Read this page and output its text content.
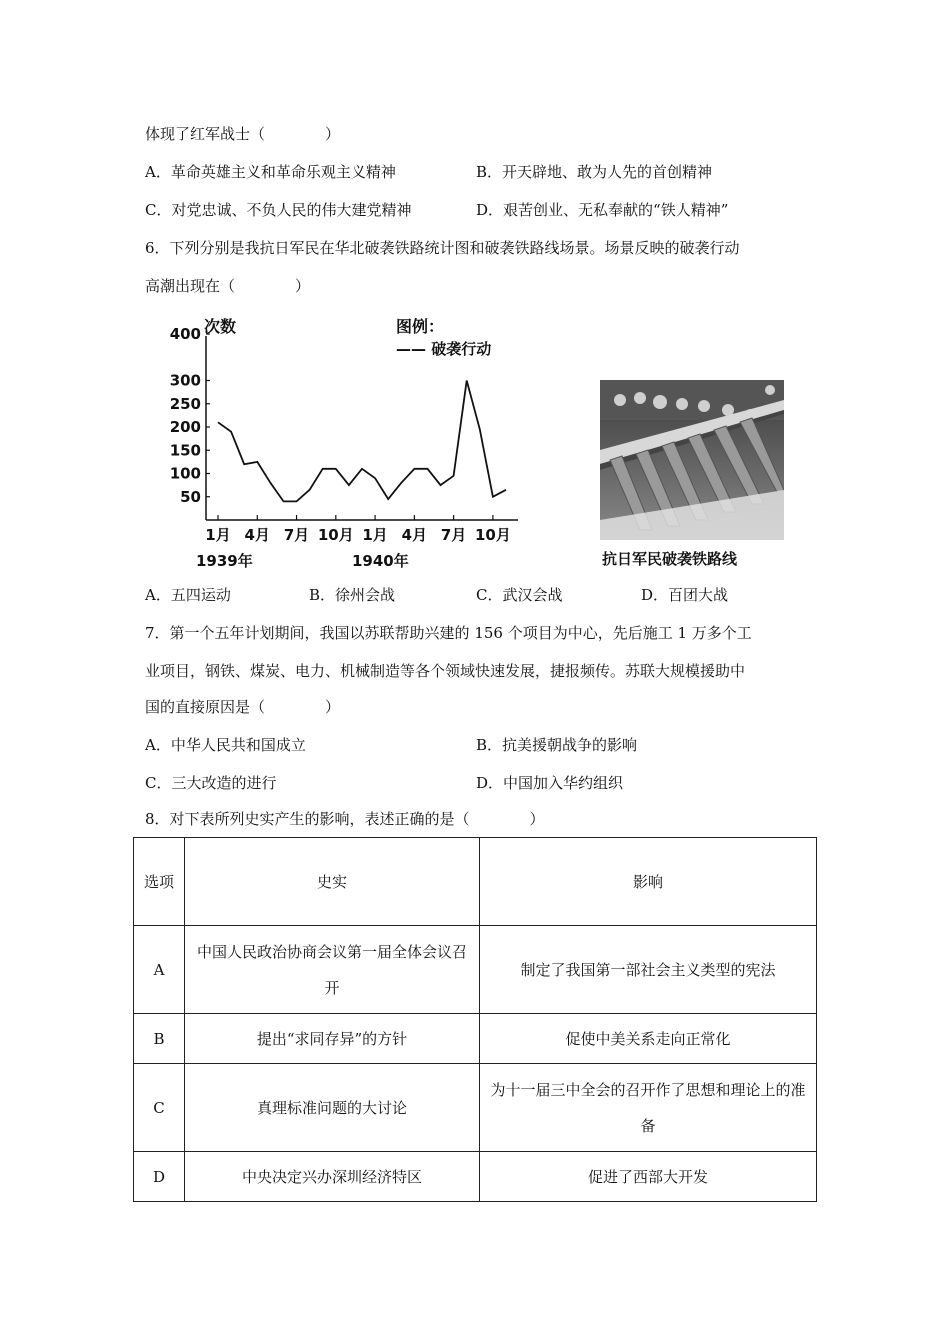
体现了红军战士（　　　　）
A．革命英雄主义和革命乐观主义精神	B．开天辟地、敢为人先的首创精神
C．对党忠诚、不负人民的伟大建党精神	D．艰苦创业、无私奉献的“铁人精神”
6．下列分别是我抗日军民在华北破袭铁路统计图和破袭铁路线场景。场景反映的破袭行动
高潮出现在（　　　　）
次数	图例：
—— 破袭行动
400
300
250
200
150
100
50
1月 4月 7月 10月 1月 4月 7月 10月
1939年	1940年	抗日军民破袭铁路线
A．五四运动	B．徐州会战	C．武汉会战	D．百团大战
7．第一个五年计划期间，我国以苏联帮助兴建的 156 个项目为中心，先后施工 1 万多个工
业项目，钢铁、煤炭、电力、机械制造等各个领域快速发展，捷报频传。苏联大规模援助中
国的直接原因是（　　　　）
A．中华人民共和国成立	B．抗美援朝战争的影响
C．三大改造的进行	D．中国加入华约组织
8．对下表所列史实产生的影响，表述正确的是（　　　　）
选项	史实	影响
A	中国人民政治协商会议第一届全体会议召开	制定了我国第一部社会主义类型的宪法
B	提出“求同存异”的方针	促使中美关系走向正常化
C	真理标准问题的大讨论	为十一届三中全会的召开作了思想和理论上的准备
D	中央决定兴办深圳经济特区	促进了西部大开发
